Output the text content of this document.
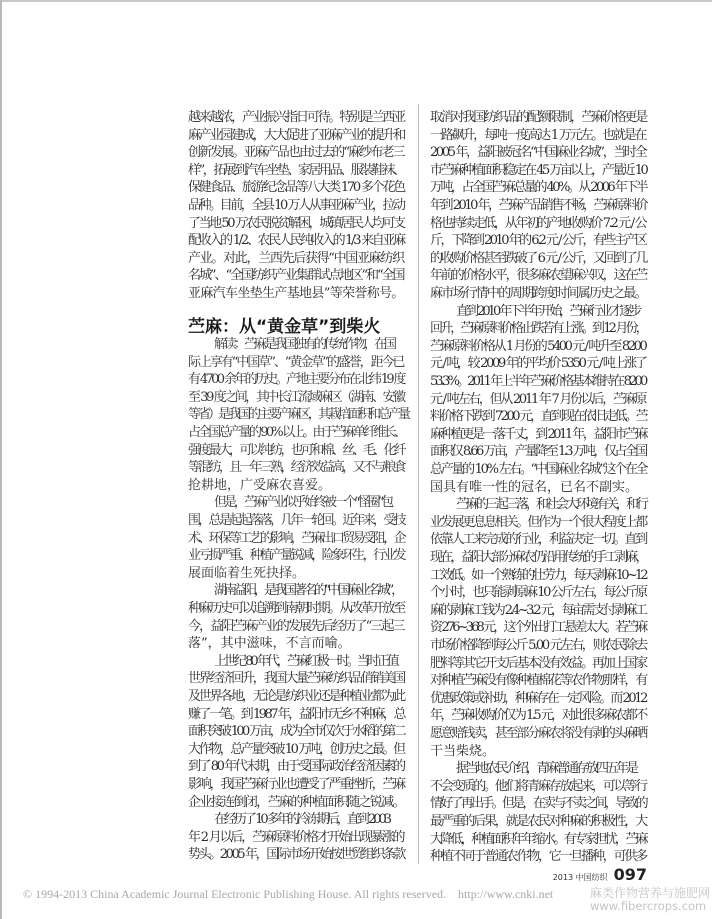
越来越浓，产业振兴指日可待。特别是兰西亚
麻产业园建成，大大促进了亚麻产业的提升和
创新发展。亚麻产品也由过去的“麻纱布老三
样”，拓展到汽车坐垫、家居用品、服装鞋袜、
保健食品、旅游纪念品等八大类 170 多个花色
品种。目前，全县 10 万人从事亚麻产业，拉动
了当地 50 万农民脱贫解困，城镇居民人均可支
配收入的 1/2、农民人民纯收入的 1/3 来自亚麻
产业。对此，兰西先后获得“中国亚麻纺织
名城”、“全国纺织产业集群试点地区”和“全国
亚麻汽车坐垫生产基地县”等荣誉称号。
苎麻：从“黄金草”到柴火
解读：苎麻是我国独有的传统作物，在国
际上享有“中国草”、“黄金草”的盛誉，距今已
有 4700 余年的历史。产地主要分布在北纬 19 度
至 39 度之间，其中长江流域麻区（湖南、安徽
等省）是我国的主要产麻区，其栽培面积和总产量
占全国总产量的 90% 以上。由于苎麻单纤维长、
强度最大，可以纯纺，也可和棉、丝、毛、化纤
等混纺，且一年三熟，经济效益高，又不与粮食
抢耕地，广受麻农喜爱。
但是，苎麻产业似乎始终被一个“怪圈”包
围，总是起起落落，几年一轮回。近年来，受技
术、环保等工艺的影响，苎麻出口贸易受阻，企
业亏损严重、种植产量锐减，险象环生，行业发
展面临着生死抉择。
湖南益阳，是我国著名的“中国麻业名城”，
种麻历史可以追溯到南朝时期。从改革开放至
今，益阳苎麻产业的发展先后经历了“三起三
落”，其中滋味，不言而喻。
上世纪 80 年代，苎麻红极一时。当时正值
世界经济回升，我国大量苎麻纺织品俏销美国
及世界各地，无论是纺织业还是种植业都为此
赚了一笔。到 1987 年，益阳市无乡不种麻，总
面积突破 100 万亩，成为全市仅次于水稻的第二
大作物，总产量突破 10 万吨，创历史之最。但
到了 80 年代末期，由于受国际政治经济因素的
影响，我国苎麻行业也遭受了严重挫折，苎麻
企业接连倒闭，苎麻的种植面积随之锐减。
在经历了 10 多年的冷冻期后，直到 2003
年 2 月以后，苎麻原料价格才开始出现暴涨的
势头。2005 年，国际市场开始按世贸组织条款
取消对我国纺织品的配额限制，苎麻价格更是
一路飙升，每吨一度高达 1 万元左。也就是在
2005 年，益阳被冠名“中国麻业名城”，当时全
市苎麻种植面积稳定在 45 万亩以上，产量近 10
万吨，占全国苎麻总量的 40%。从 2006 年下半
年到 2010 年，苎麻产品销售不畅，苎麻原料价
格也持续走低，从年初的产地收购价 7.2 元 / 公
斤，下降到 2010 年的 6.2 元 / 公斤，有些主产区
的收购价格甚至跌破了 6 元 / 公斤，又回到了几
年前的价格水平，很多麻农望麻兴叹，这在苎
麻市场行情中的周期跨度时间属历史之最。
直到 2010 年下半年开始，苎麻行业才逐步
回升，苎麻原料价格止跌若有上涨。到 12 月份，
苎麻原料价格从 1 月份的 5400 元 / 吨升至 8200
元 / 吨，较 2009 年的平均价 5350 元 / 吨上涨了
53.3%。2011 年上半年苎麻价格基本维持在 8200
元 / 吨左右，但从 2011 年 7 月份以后，苎麻原
料价格下跌到 7200 元，直到现在依旧走低。苎
麻种植更是一落千丈，到 2011 年，益阳市苎麻
面积仅 8.66 万亩，产量降至 1.3 万吨，仅占全国
总产量的 10% 左右。“中国麻业名城”这个在全
国具有唯一性的冠名，已名不副实。
苎麻的三起三落，和社会大环境有关，和行
业发展更息息相关。但作为一个很大程度上都
依靠人工来完成的行业，利益决定一切。直到
现在，益阳大部分麻农仍沿用传统的手工剥麻，
工效低。如一个熟练的壮劳力，每天剥麻 10~12
个小时，也只能剥原麻 10 公斤左右，每公斤原
麻的剥麻工钱为 2.4~3.2 元，每亩需支付剥麻工
资 276~368 元，这个外出打工悬差太大。若苎麻
市场价格降到每公斤 5.00 元左右，则农民除去
肥料等其它开支后基本没有效益。再加上国家
对种植苎麻没有像种植棉花等农作物那样，有
优惠政策或补助，种麻存在一定风险。而 2012
年，苎麻收购价仅为 1.5 元，对此很多麻农都不
愿意赔钱卖，甚至部分麻农将没有剥的头麻晒
干当柴烧。
据当地农民介绍，青麻普通存放四五年是
不会变质的。他们将青麻存放起来，可以等行
情好了再出手。但是，在卖与不卖之间，导致的
最严重的后果，就是农民对种麻的积极性，大
大降低，种植面积年年缩水。有专家担忧，苎麻
种植不同于普通农作物，它一旦播种，可供多
2013 中国纺织 097
© 1994-2013 China Academic Journal Electronic Publishing House. All rights reserved. http://www.cnki.net	麻类作物营养与施肥网
www.fibercrops.com
